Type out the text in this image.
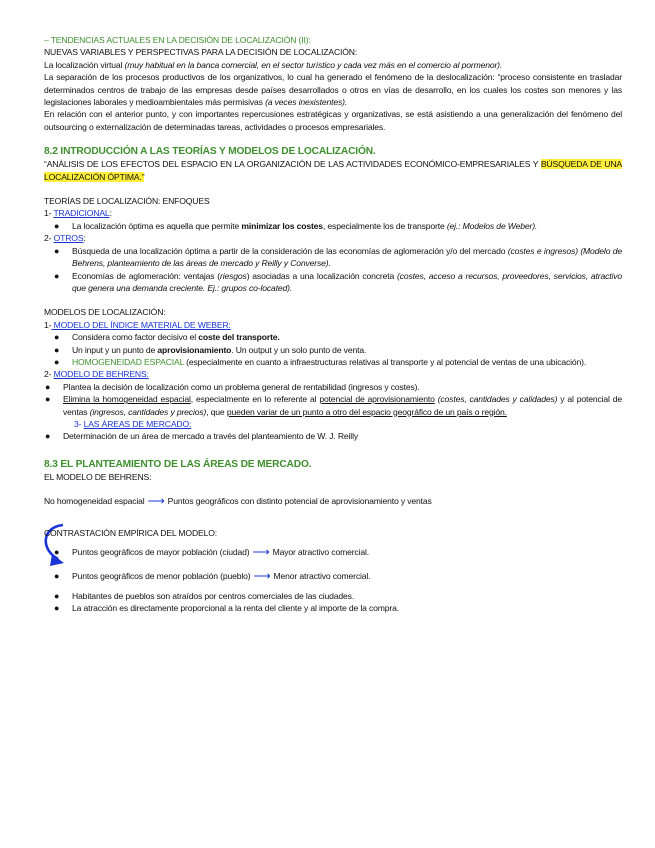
– TENDENCIAS ACTUALES EN LA DECISIÓN DE LOCALIZACIÓN (II):

NUEVAS VARIABLES Y PERSPECTIVAS PARA LA DECISIÓN DE LOCALIZACIÓN:

La localización virtual (muy habitual en la banca comercial, en el sector turístico y cada vez más en el comercio al pormenor).

La separación de los procesos productivos de los organizativos, lo cual ha generado el fenómeno de la deslocalización: “proceso consistente en trasladar determinados centros de trabajo de las empresas desde países desarrollados o otros en vías de desarrollo, en los cuales los costes son menores y las legislaciones laborales y medioambientales más permisivas (a veces inexistentes).

En relación con el anterior punto, y con importantes repercusiones estratégicas y organizativas, se está asistiendo a una generalización del fenómeno del outsourcing o externalización de determinadas tareas, actividades o procesos empresariales.

8.2 INTRODUCCIÓN A LAS TEORÍAS Y MODELOS DE LOCALIZACIÓN.

“ANÁLISIS DE LOS EFECTOS DEL ESPACIO EN LA ORGANIZACIÓN DE LAS ACTIVIDADES ECONÓMICO-EMPRESARIALES Y BÚSQUEDA DE UNA LOCALIZACIÓN ÓPTIMA.”

TEORÍAS DE LOCALIZACIÓN: ENFOQUES

1- TRADICIONAL:

● La localización óptima es aquella que permite minimizar los costes, especialmente los de transporte (ej.: Modelos de Weber).

2- OTROS:

● Búsqueda de una localización óptima a partir de la consideración de las economías de aglomeración y/o del mercado (costes e ingresos) (Modelo de Behrens, planteamiento de las áreas de mercado y Reilly y Converse).
● Economías de aglomeración: ventajas (riesgos) asociadas a una localización concreta (costes, acceso a recursos, proveedores, servicios, atractivo que genera una demanda creciente. Ej.: grupos co-located).

MODELOS DE LOCALIZACIÓN:

1- MODELO DEL ÍNDICE MATERIAL DE WEBER:

● Considera como factor decisivo el coste del transporte.
● Un input y un punto de aprovisionamiento. Un output y un solo punto de venta.
● HOMOGENEIDAD ESPACIAL (especialmente en cuanto a infraestructuras relativas al transporte y al potencial de ventas de una ubicación).

2- MODELO DE BEHRENS:

● Plantea la decisión de localización como un problema general de rentabilidad (ingresos y costes).
● Elimina la homogeneidad espacial, especialmente en lo referente al potencial de aprovisionamiento (costes, cantidades y calidades) y al potencial de ventas (ingresos, cantidades y precios), que pueden variar de un punto a otro del espacio geográfico de un país o región.

3- LAS ÁREAS DE MERCADO:

● Determinación de un área de mercado a través del planteamiento de W. J. Reilly

8.3 EL PLANTEAMIENTO DE LAS ÁREAS DE MERCADO.

EL MODELO DE BEHRENS:

No homogeneidad espacial ⟶ Puntos geográficos con distinto potencial de aprovisionamiento y ventas

CONTRASTACIÓN EMPÍRICA DEL MODELO:

● Puntos geográficos de mayor población (ciudad) ⟶ Mayor atractivo comercial.
● Puntos geográficos de menor población (pueblo) ⟶ Menor atractivo comercial.
● Habitantes de pueblos son atraídos por centros comerciales de las ciudades.
● La atracción es directamente proporcional a la renta del cliente y al importe de la compra.
